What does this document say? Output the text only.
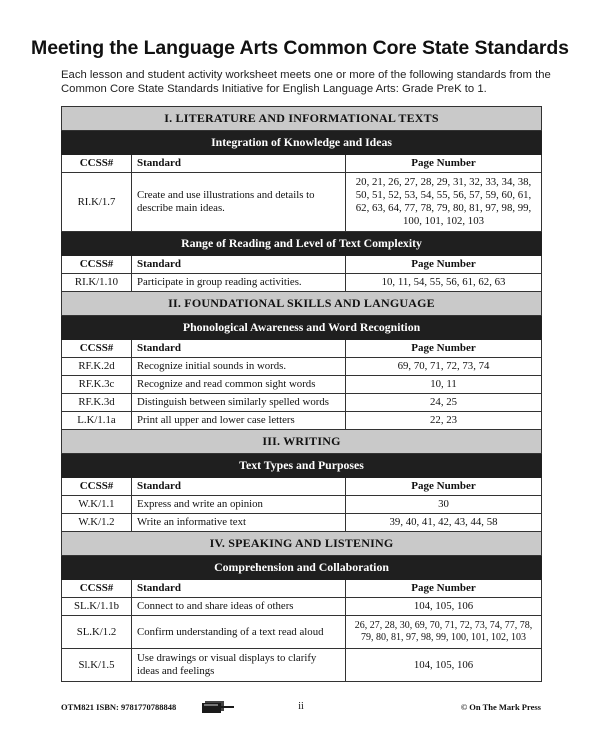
Meeting the Language Arts Common Core State Standards

Each lesson and student activity worksheet meets one or more of the following standards from the Common Core State Standards Initiative for English Language Arts: Grade PreK to 1.

I. LITERATURE AND INFORMATIONAL TEXTS		
Integration of Knowledge and Ideas		
CCSS#	Standard	Page Number
RI.K/1.7	Create and use illustrations and details to describe main ideas.	20, 21, 26, 27, 28, 29, 31, 32, 33, 34, 38, 50, 51, 52, 53, 54, 55, 56, 57, 59, 60, 61, 62, 63, 64, 77, 78, 79, 80, 81, 97, 98, 99, 100, 101, 102, 103
Range of Reading and Level of Text Complexity		
CCSS#	Standard	Page Number
RI.K/1.10	Participate in group reading activities.	10, 11, 54, 55, 56, 61, 62, 63
II. FOUNDATIONAL SKILLS AND LANGUAGE		
Phonological Awareness and Word Recognition		
CCSS#	Standard	Page Number
RF.K.2d	Recognize initial sounds in words.	69, 70, 71, 72, 73, 74
RF.K.3c	Recognize and read common sight words	10, 11
RF.K.3d	Distinguish between similarly spelled words	24, 25
L.K/1.1a	Print all upper and lower case letters	22, 23
III. WRITING		
Text Types and Purposes		
CCSS#	Standard	Page Number
W.K/1.1	Express and write an opinion	30
W.K/1.2	Write an informative text	39, 40, 41, 42, 43, 44, 58
IV. SPEAKING AND LISTENING		
Comprehension and Collaboration		
CCSS#	Standard	Page Number
SL.K/1.1b	Connect to and share ideas of others	104, 105, 106
SL.K/1.2	Confirm understanding of a text read aloud	26, 27, 28, 30, 69, 70, 71, 72, 73, 74, 77, 78, 79, 80, 81, 97, 98, 99, 100, 101, 102, 103
Sl.K/1.5	Use drawings or visual displays to clarify ideas and feelings	104, 105, 106
OTM821 ISBN: 9781770788848	ii	© On The Mark Press
